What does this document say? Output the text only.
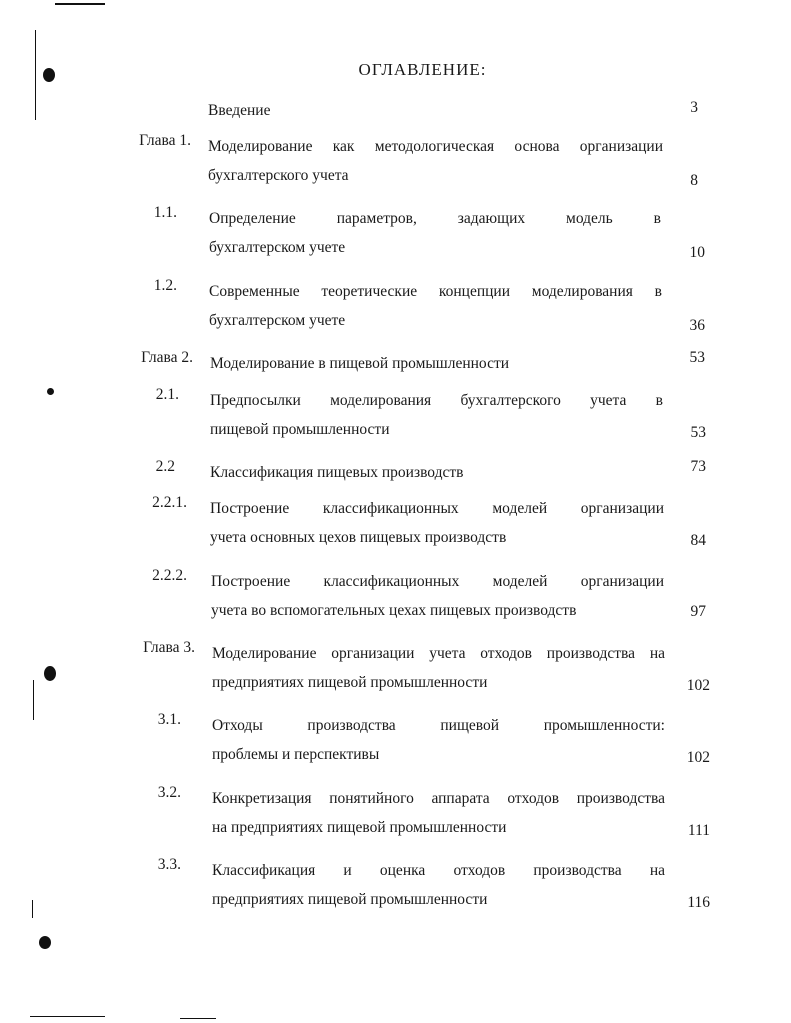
ОГЛАВЛЕНИЕ:
Введение	3
Глава 1. Моделирование как методологическая основа организации
бухгалтерского учета	8
1.1. Определение параметров, задающих модель в
бухгалтерском учете	10
1.2. Современные теоретические концепции моделирования в
бухгалтерском учете	36
Глава 2. Моделирование в пищевой промышленности	53
2.1. Предпосылки моделирования бухгалтерского учета в
пищевой промышленности	53
2.2 Классификация пищевых производств	73
2.2.1. Построение классификационных моделей организации
учета основных цехов пищевых производств	84
2.2.2. Построение классификационных моделей организации
учета во вспомогательных цехах пищевых производств	97
Глава 3. Моделирование организации учета отходов производства на
предприятиях пищевой промышленности	102
3.1. Отходы производства пищевой промышленности:
проблемы и перспективы	102
3.2. Конкретизация понятийного аппарата отходов производства
на предприятиях пищевой промышленности	111
3.3. Классификация и оценка отходов производства на
предприятиях пищевой промышленности	116
